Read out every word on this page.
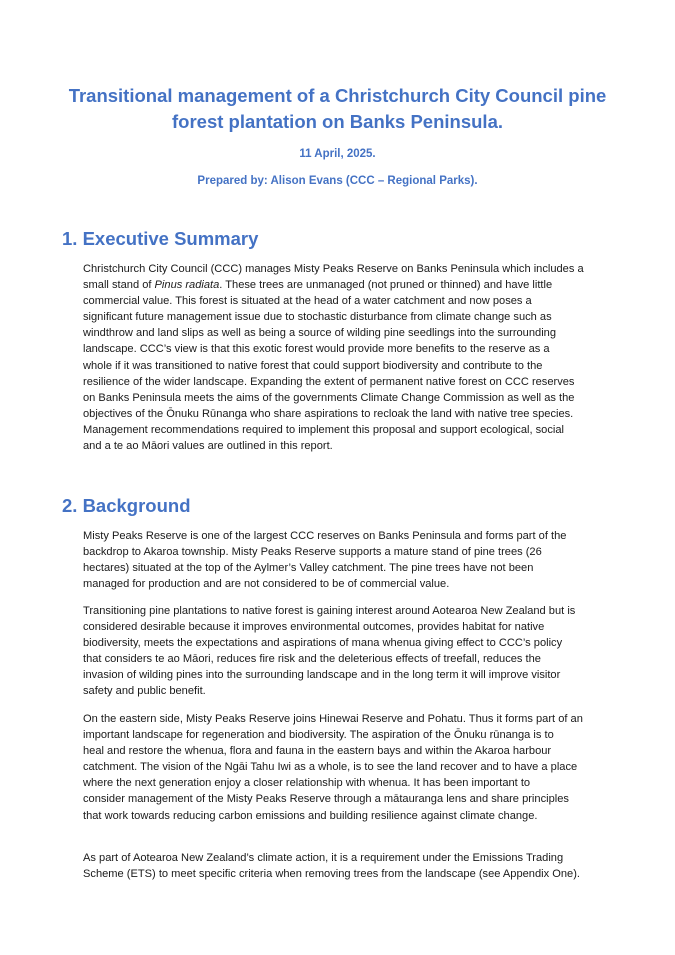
Transitional management of a Christchurch City Council pine
forest plantation on Banks Peninsula.

11 April, 2025.

Prepared by: Alison Evans (CCC – Regional Parks).

1. Executive Summary

Christchurch City Council (CCC) manages Misty Peaks Reserve on Banks Peninsula which includes a
small stand of Pinus radiata. These trees are unmanaged (not pruned or thinned) and have little
commercial value. This forest is situated at the head of a water catchment and now poses a
significant future management issue due to stochastic disturbance from climate change such as
windthrow and land slips as well as being a source of wilding pine seedlings into the surrounding
landscape. CCC’s view is that this exotic forest would provide more benefits to the reserve as a
whole if it was transitioned to native forest that could support biodiversity and contribute to the
resilience of the wider landscape. Expanding the extent of permanent native forest on CCC reserves
on Banks Peninsula meets the aims of the governments Climate Change Commission as well as the
objectives of the Ōnuku Rūnanga who share aspirations to recloak the land with native tree species.
Management recommendations required to implement this proposal and support ecological, social
and a te ao Māori values are outlined in this report.

2. Background

Misty Peaks Reserve is one of the largest CCC reserves on Banks Peninsula and forms part of the
backdrop to Akaroa township. Misty Peaks Reserve supports a mature stand of pine trees (26
hectares) situated at the top of the Aylmer’s Valley catchment. The pine trees have not been
managed for production and are not considered to be of commercial value.

Transitioning pine plantations to native forest is gaining interest around Aotearoa New Zealand but is
considered desirable because it improves environmental outcomes, provides habitat for native
biodiversity, meets the expectations and aspirations of mana whenua giving effect to CCC’s policy
that considers te ao Māori, reduces fire risk and the deleterious effects of treefall, reduces the
invasion of wilding pines into the surrounding landscape and in the long term it will improve visitor
safety and public benefit.

On the eastern side, Misty Peaks Reserve joins Hinewai Reserve and Pohatu. Thus it forms part of an
important landscape for regeneration and biodiversity. The aspiration of the Ōnuku rūnanga is to
heal and restore the whenua, flora and fauna in the eastern bays and within the Akaroa harbour
catchment. The vision of the Ngāi Tahu Iwi as a whole, is to see the land recover and to have a place
where the next generation enjoy a closer relationship with whenua. It has been important to
consider management of the Misty Peaks Reserve through a mātauranga lens and share principles
that work towards reducing carbon emissions and building resilience against climate change.

As part of Aotearoa New Zealand’s climate action, it is a requirement under the Emissions Trading
Scheme (ETS) to meet specific criteria when removing trees from the landscape (see Appendix One).
